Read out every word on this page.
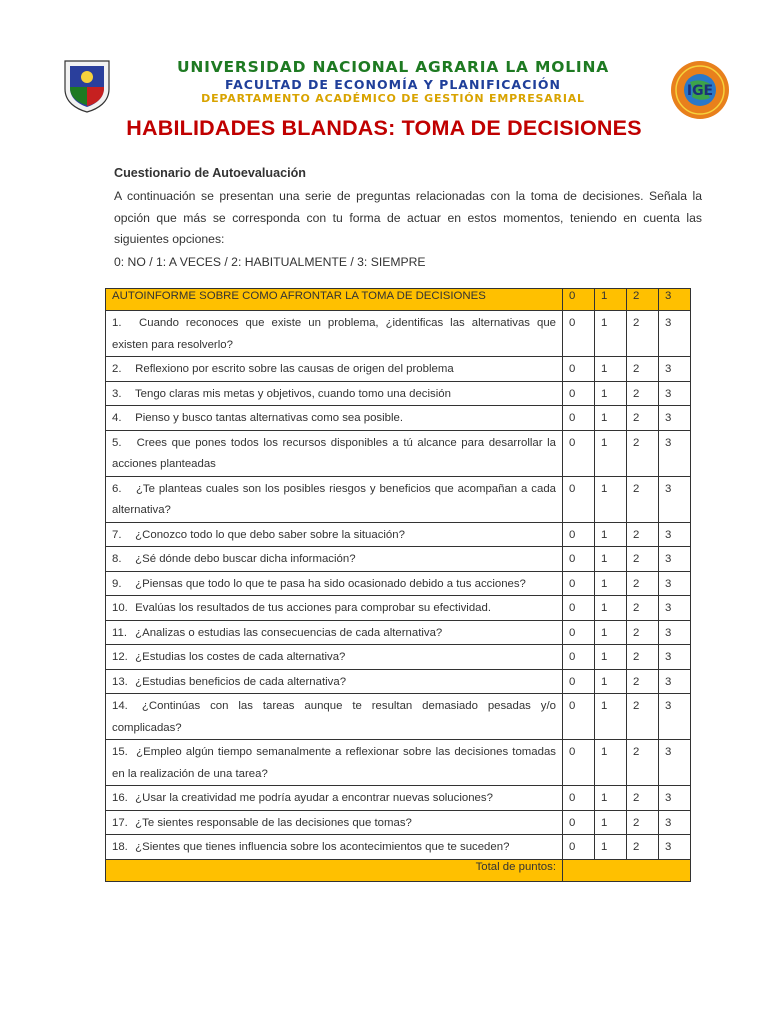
UNIVERSIDAD NACIONAL AGRARIA LA MOLINA
FACULTAD DE ECONOMÍA Y PLANIFICACIÓN
DEPARTAMENTO ACADÉMICO DE GESTIÓN EMPRESARIAL	IGE
HABILIDADES BLANDAS: TOMA DE DECISIONES
Cuestionario de Autoevaluación
A continuación se presentan una serie de preguntas relacionadas con la toma de decisiones. Señala la opción que más se corresponda con tu forma de actuar en estos momentos, teniendo en cuenta las siguientes opciones:
0: NO / 1: A VECES / 2: HABITUALMENTE / 3: SIEMPRE
AUTOINFORME SOBRE COMO AFRONTAR LA TOMA DE DECISIONES	0	1	2	3
1. Cuando reconoces que existe un problema, ¿identificas las alternativas que existen para resolverlo?	0	1	2	3
2. Reflexiono por escrito sobre las causas de origen del problema	0	1	2	3
3. Tengo claras mis metas y objetivos, cuando tomo una decisión	0	1	2	3
4. Pienso y busco tantas alternativas como sea posible.	0	1	2	3
5. Crees que pones todos los recursos disponibles a tú alcance para desarrollar la acciones planteadas	0	1	2	3
6. ¿Te planteas cuales son los posibles riesgos y beneficios que acompañan a cada alternativa?	0	1	2	3
7. ¿Conozco todo lo que debo saber sobre la situación?	0	1	2	3
8. ¿Sé dónde debo buscar dicha información?	0	1	2	3
9. ¿Piensas que todo lo que te pasa ha sido ocasionado debido a tus acciones?	0	1	2	3
10. Evalúas los resultados de tus acciones para comprobar su efectividad.	0	1	2	3
11. ¿Analizas o estudias las consecuencias de cada alternativa?	0	1	2	3
12. ¿Estudias los costes de cada alternativa?	0	1	2	3
13. ¿Estudias beneficios de cada alternativa?	0	1	2	3
14. ¿Continúas con las tareas aunque te resultan demasiado pesadas y/o complicadas?	0	1	2	3
15. ¿Empleo algún tiempo semanalmente a reflexionar sobre las decisiones tomadas en la realización de una tarea?	0	1	2	3
16. ¿Usar la creatividad me podría ayudar a encontrar nuevas soluciones?	0	1	2	3
17. ¿Te sientes responsable de las decisiones que tomas?	0	1	2	3
18. ¿Sientes que tienes influencia sobre los acontecimientos que te suceden?	0	1	2	3
Total de puntos:				
